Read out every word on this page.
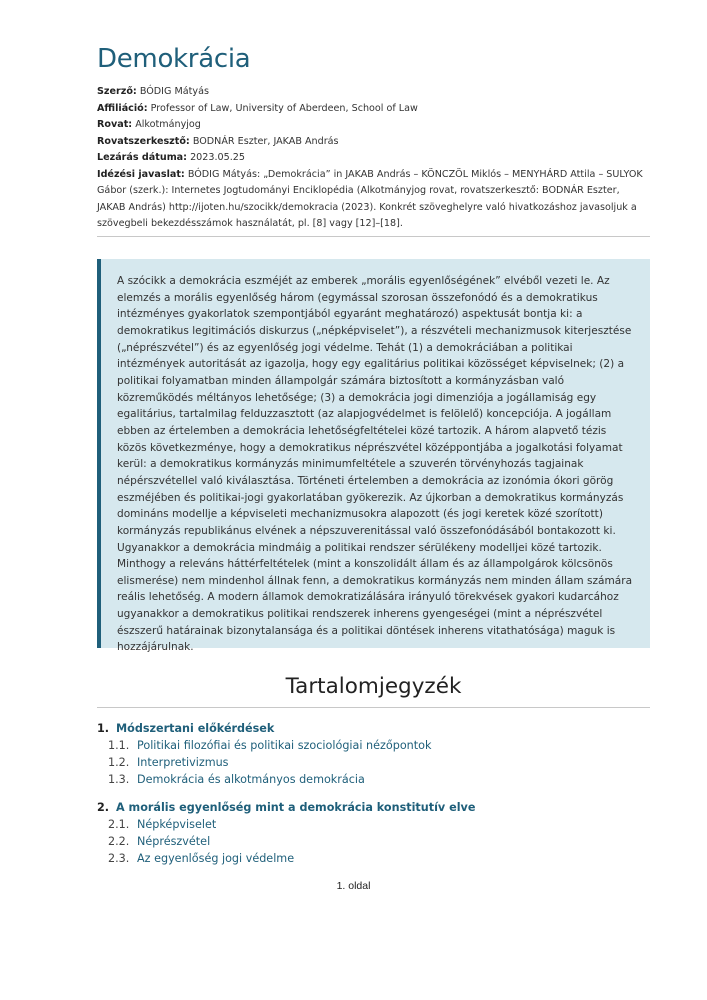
Demokrácia

Szerző: BÓDIG Mátyás

Affiliáció: Professor of Law, University of Aberdeen, School of Law

Rovat: Alkotmányjog

Rovatszerkesztő: BODNÁR Eszter, JAKAB András

Lezárás dátuma: 2023.05.25

Idézési javaslat: BÓDIG Mátyás: „Demokrácia” in JAKAB András – KÖNCZÖL Miklós – MENYHÁRD Attila – SULYOK Gábor (szerk.): Internetes Jogtudományi Enciklopédia (Alkotmányjog rovat, rovatszerkesztő: BODNÁR Eszter, JAKAB András) http://ijoten.hu/szocikk/demokracia (2023). Konkrét szöveghelyre való hivatkozáshoz javasoljuk a szövegbeli bekezdésszámok használatát, pl. [8] vagy [12]–[18].

A szócikk a demokrácia eszméjét az emberek „morális egyenlőségének” elvéből vezeti le. Az elemzés a morális egyenlőség három (egymással szorosan összefonódó és a demokratikus intézményes gyakorlatok szempontjából egyaránt meghatározó) aspektusát bontja ki: a demokratikus legitimációs diskurzus („népképviselet”), a részvételi mechanizmusok kiterjesztése („néprészvétel”) és az egyenlőség jogi védelme. Tehát (1) a demokráciában a politikai intézmények autoritását az igazolja, hogy egy egalitárius politikai közösséget képviselnek; (2) a politikai folyamatban minden állampolgár számára biztosított a kormányzásban való közreműködés méltányos lehetősége; (3) a demokrácia jogi dimenziója a jogállamiság egy egalitárius, tartalmilag felduzzasztott (az alapjogvédelmet is felölelő) koncepciója. A jogállam ebben az értelemben a demokrácia lehetőségfeltételei közé tartozik. A három alapvető tézis közös következménye, hogy a demokratikus néprészvétel középpontjába a jogalkotási folyamat kerül: a demokratikus kormányzás minimumfeltétele a szuverén törvényhozás tagjainak népérszvétellel való kiválasztása. Történeti értelemben a demokrácia az izonómia ókori görög eszméjében és politikai-jogi gyakorlatában gyökerezik. Az újkorban a demokratikus kormányzás domináns modellje a képviseleti mechanizmusokra alapozott (és jogi keretek közé szorított) kormányzás republikánus elvének a népszuverenitással való összefonódásából bontakozott ki. Ugyanakkor a demokrácia mindmáig a politikai rendszer sérülékeny modelljei közé tartozik. Minthogy a releváns háttérfeltételek (mint a konszolidált állam és az állampolgárok kölcsönös elismerése) nem mindenhol állnak fenn, a demokratikus kormányzás nem minden állam számára reális lehetőség. A modern államok demokratizálására irányuló törekvések gyakori kudarcához ugyanakkor a demokratikus politikai rendszerek inherens gyengeségei (mint a néprészvétel észszerű határainak bizonytalansága és a politikai döntések inherens vitathatósága) maguk is hozzájárulnak.

Tartalomjegyzék
1. Módszertani előkérdések
1.1. Politikai filozófiai és politikai szociológiai nézőpontok
1.2. Interpretivizmus
1.3. Demokrácia és alkotmányos demokrácia
2. A morális egyenlőség mint a demokrácia konstitutív elve
2.1. Népképviselet
2.2. Néprészvétel
2.3. Az egyenlőség jogi védelme
1. oldal
